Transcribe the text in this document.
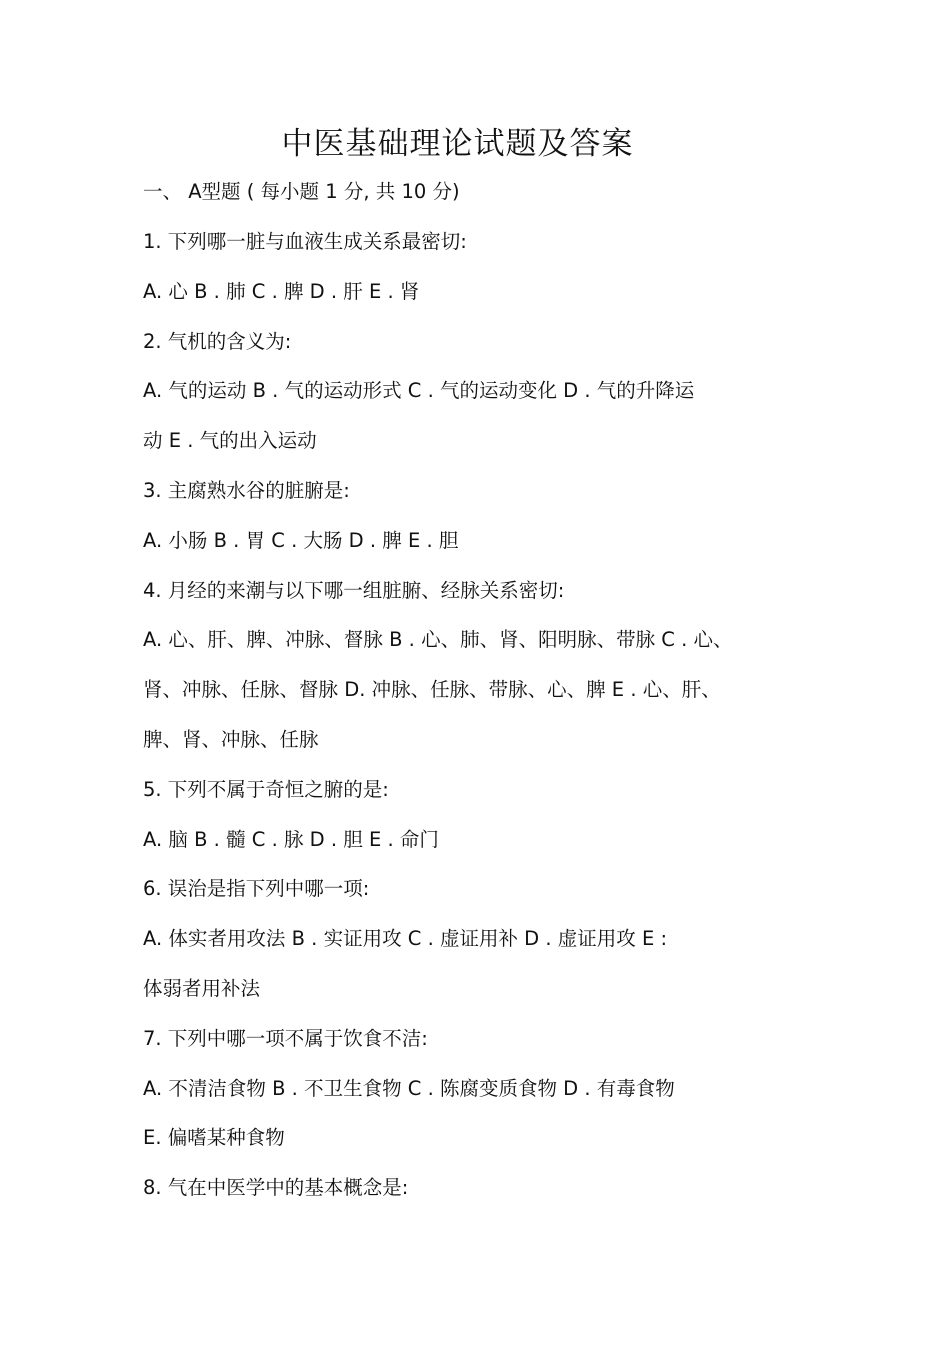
中医基础理论试题及答案

一、 A型题 ( 每小题 1 分, 共 10 分)

1. 下列哪一脏与血液生成关系最密切:

A. 心 B . 肺 C . 脾 D . 肝 E . 肾

2. 气机的含义为:

A. 气的运动 B . 气的运动形式 C . 气的运动变化 D . 气的升降运

动 E . 气的出入运动

3. 主腐熟水谷的脏腑是:

A. 小肠 B . 胃 C . 大肠 D . 脾 E . 胆

4. 月经的来潮与以下哪一组脏腑、经脉关系密切:

A. 心、肝、脾、冲脉、督脉 B . 心、肺、肾、阳明脉、带脉 C . 心、

肾、冲脉、任脉、督脉 D. 冲脉、任脉、带脉、心、脾 E . 心、肝、

脾、肾、冲脉、任脉

5. 下列不属于奇恒之腑的是:

A. 脑 B . 髓 C . 脉 D . 胆 E . 命门

6. 误治是指下列中哪一项:

A. 体实者用攻法 B . 实证用攻 C . 虚证用补 D . 虚证用攻 E :

体弱者用补法

7. 下列中哪一项不属于饮食不洁:

A. 不清洁食物 B . 不卫生食物 C . 陈腐变质食物 D . 有毒食物

E. 偏嗜某种食物

8. 气在中医学中的基本概念是:
